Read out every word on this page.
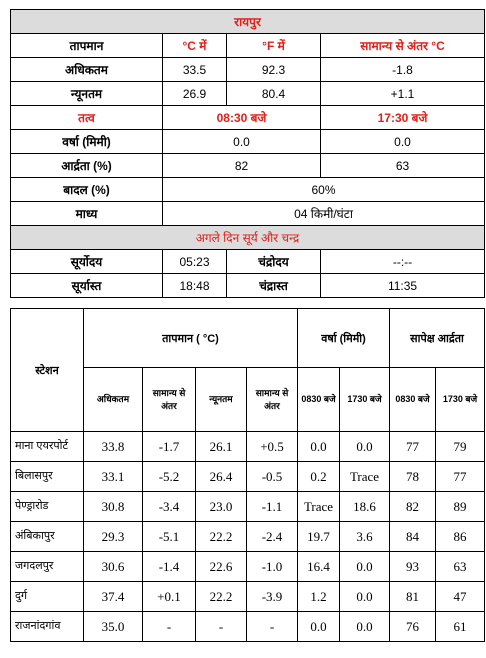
रायपुर			
तापमान	°C में	°F में	सामान्य से अंतर °C
अधिकतम	33.5	92.3	-1.8
न्यूनतम	26.9	80.4	+1.1
तत्व	08:30 बजे		17:30 बजे
वर्षा (मिमी)	0.0		0.0
आर्द्रता (%)	82		63
बादल (%)	60%		
माध्य	04 किमी/घंटा		
अगले दिन सूर्य और चन्द्र			
सूर्योदय	05:23	चंद्रोदय	--:--
सूर्यास्त	18:48	चंद्रास्त	11:35
स्टेशन	तापमान ( °C)				वर्षा (मिमी)		सापेक्ष आर्द्रता	
	अधिकतम	सामान्य से अंतर	न्यूनतम	सामान्य से अंतर	0830 बजे	1730 बजे	0830 बजे	1730 बजे
माना एयरपोर्ट	33.8	-1.7	26.1	+0.5	0.0	0.0	77	79
बिलासपुर	33.1	-5.2	26.4	-0.5	0.2	Trace	78	77
पेण्ड्रारोड	30.8	-3.4	23.0	-1.1	Trace	18.6	82	89
अंबिकापुर	29.3	-5.1	22.2	-2.4	19.7	3.6	84	86
जगदलपुर	30.6	-1.4	22.6	-1.0	16.4	0.0	93	63
दुर्ग	37.4	+0.1	22.2	-3.9	1.2	0.0	81	47
राजनांदगांव	35.0	-	-	-	0.0	0.0	76	61
